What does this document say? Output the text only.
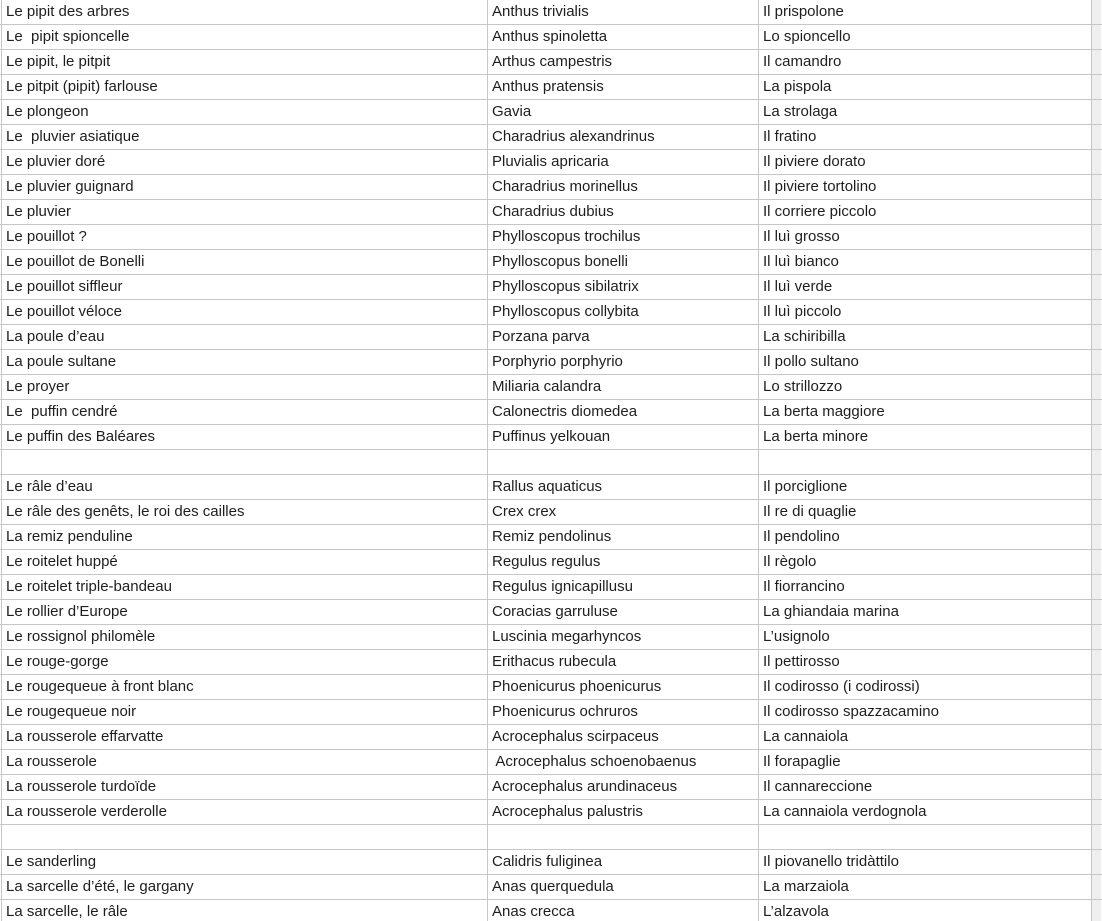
Le pipit des arbres	Anthus trivialis	Il prispolone
Le  pipit spioncelle	Anthus spinoletta	Lo spioncello
Le pipit, le pitpit	Arthus campestris	Il camandro
Le pitpit (pipit) farlouse	Anthus pratensis	La pispola
Le plongeon	Gavia	La strolaga
Le  pluvier asiatique	Charadrius alexandrinus	Il fratino
Le pluvier doré	Pluvialis apricaria	Il piviere dorato
Le pluvier guignard	Charadrius morinellus	Il piviere tortolino
Le pluvier	Charadrius dubius	Il corriere piccolo
Le pouillot ?	Phylloscopus trochilus	Il luì grosso
Le pouillot de Bonelli	Phylloscopus bonelli	Il luì bianco
Le pouillot siffleur	Phylloscopus sibilatrix	Il luì verde
Le pouillot véloce	Phylloscopus collybita	Il luì piccolo
La poule d’eau	Porzana parva	La schiribilla
La poule sultane	Porphyrio porphyrio	Il pollo sultano
Le proyer	Miliaria calandra	Lo strillozzo
Le  puffin cendré	Calonectris diomedea	La berta maggiore
Le puffin des Baléares	Puffinus yelkouan	La berta minore
Le râle d’eau	Rallus aquaticus	Il porciglione
Le râle des genêts, le roi des cailles	Crex crex	Il re di quaglie
La remiz penduline	Remiz pendolinus	Il pendolino
Le roitelet huppé	Regulus regulus	Il règolo
Le roitelet triple-bandeau	Regulus ignicapillusu	Il fiorrancino
Le rollier d’Europe	Coracias garruluse	La ghiandaia marina
Le rossignol philomèle	Luscinia megarhyncos	L’usignolo
Le rouge-gorge	Erithacus rubecula	Il pettirosso
Le rougequeue à front blanc	Phoenicurus phoenicurus	Il codirosso (i codirossi)
Le rougequeue noir	Phoenicurus ochruros	Il codirosso spazzacamino
La rousserole effarvatte	Acrocephalus scirpaceus	La cannaiola
La rousserole	Acrocephalus schoenobaenus	Il forapaglie
La rousserole turdoïde	Acrocephalus arundinaceus	Il cannareccione
La rousserole verderolle	Acrocephalus palustris	La cannaiola verdognola
Le sanderling	Calidris fuliginea	Il piovanello tridàttilo
La sarcelle d’été, le gargany	Anas querquedula	La marzaiola
La sarcelle, le râle	Anas crecca	L’alzavola
